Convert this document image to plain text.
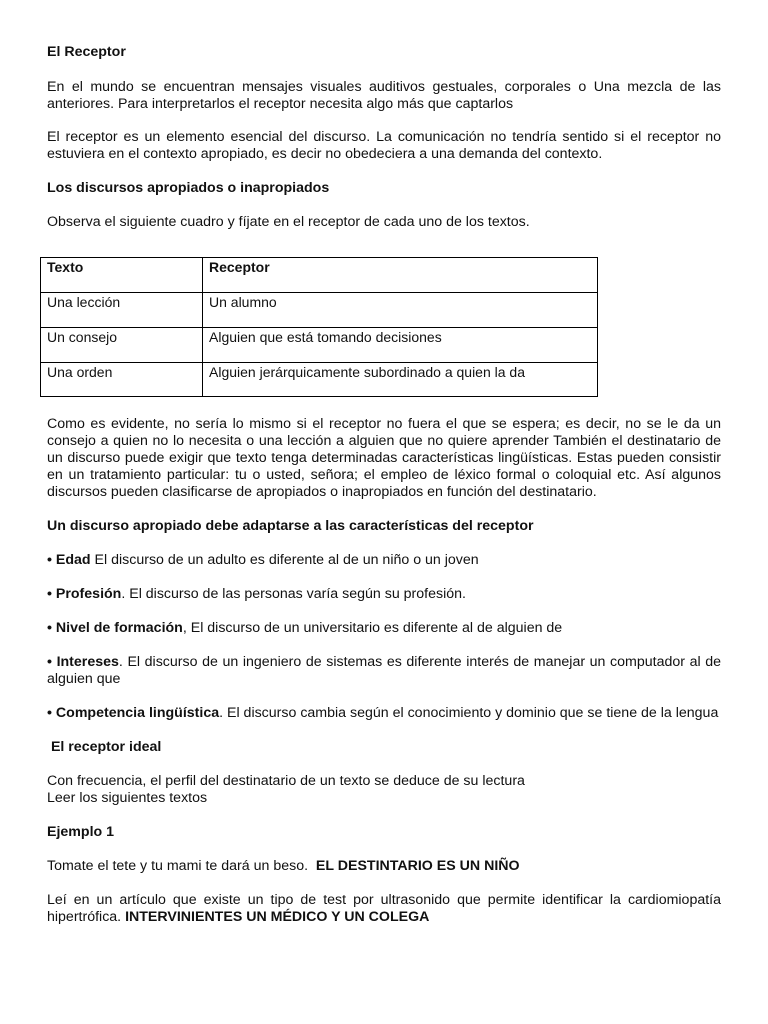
El Receptor

En el mundo se encuentran mensajes visuales auditivos gestuales, corporales o Una mezcla de las anteriores. Para interpretarlos el receptor necesita algo más que captarlos

El receptor es un elemento esencial del discurso. La comunicación no tendría sentido si el receptor no estuviera en el contexto apropiado, es decir no obedeciera a una demanda del contexto.

Los discursos apropiados o inapropiados

Observa el siguiente cuadro y fíjate en el receptor de cada uno de los textos.

Texto	Receptor
Una lección	Un alumno
Un consejo	Alguien que está tomando decisiones
Una orden	Alguien jerárquicamente subordinado a quien la da

Como es evidente, no sería lo mismo si el receptor no fuera el que se espera; es decir, no se le da un consejo a quien no lo necesita o una lección a alguien que no quiere aprender También el destinatario de un discurso puede exigir que texto tenga determinadas características lingüísticas. Estas pueden consistir en un tratamiento particular: tu o usted, señora; el empleo de léxico formal o coloquial etc. Así algunos discursos pueden clasificarse de apropiados o inapropiados en función del destinatario.

Un discurso apropiado debe adaptarse a las características del receptor

• Edad El discurso de un adulto es diferente al de un niño o un joven

• Profesión. El discurso de las personas varía según su profesión.

• Nivel de formación, El discurso de un universitario es diferente al de alguien de

• Intereses. El discurso de un ingeniero de sistemas es diferente interés de manejar un computador al de alguien que

• Competencia lingüística. El discurso cambia según el conocimiento y dominio que se tiene de la lengua

El receptor ideal

Con frecuencia, el perfil del destinatario de un texto se deduce de su lectura

Leer los siguientes textos

Ejemplo 1

Tomate el tete y tu mami te dará un beso.  EL DESTINTARIO ES UN NIÑO

Leí en un artículo que existe un tipo de test por ultrasonido que permite identificar la cardiomiopatía hipertrófica. INTERVINIENTES UN MÉDICO Y UN COLEGA
